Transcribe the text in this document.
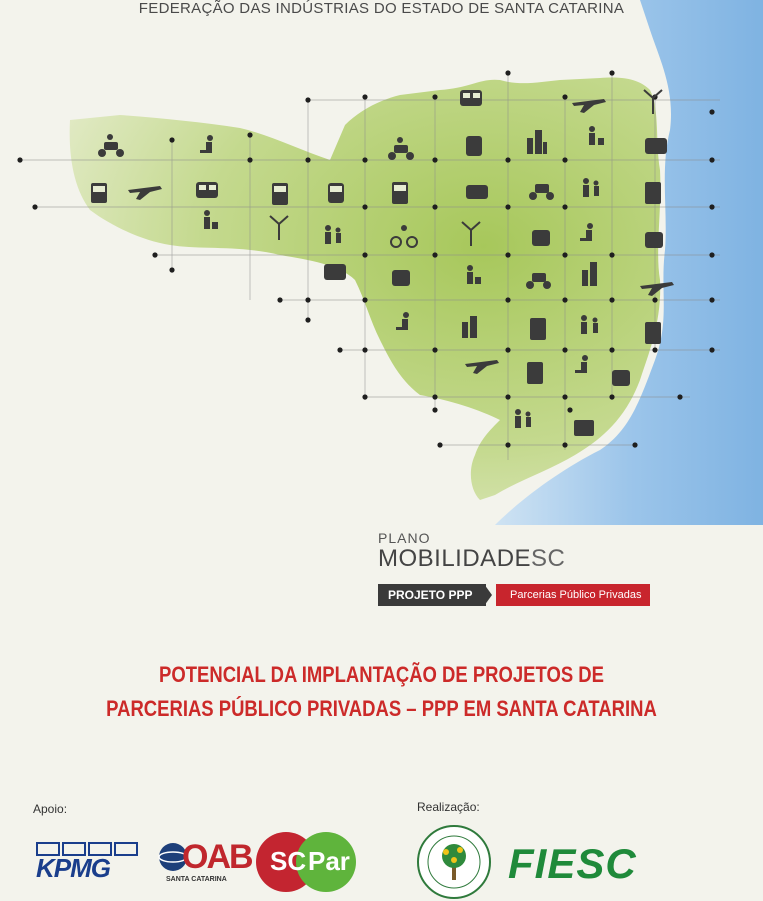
FEDERAÇÃO DAS INDÚSTRIAS DO ESTADO DE SANTA CATARINA
PLANO
MOBILIDADESC
PROJETO PPP	Parcerias Público Privadas
POTENCIAL DA IMPLANTAÇÃO DE PROJETOS DE
PARCERIAS PÚBLICO PRIVADAS – PPP EM SANTA CATARINA
Apoio:	Realização:
KPMG	OAB
SANTA CATARINA
SC Par	FIESC
